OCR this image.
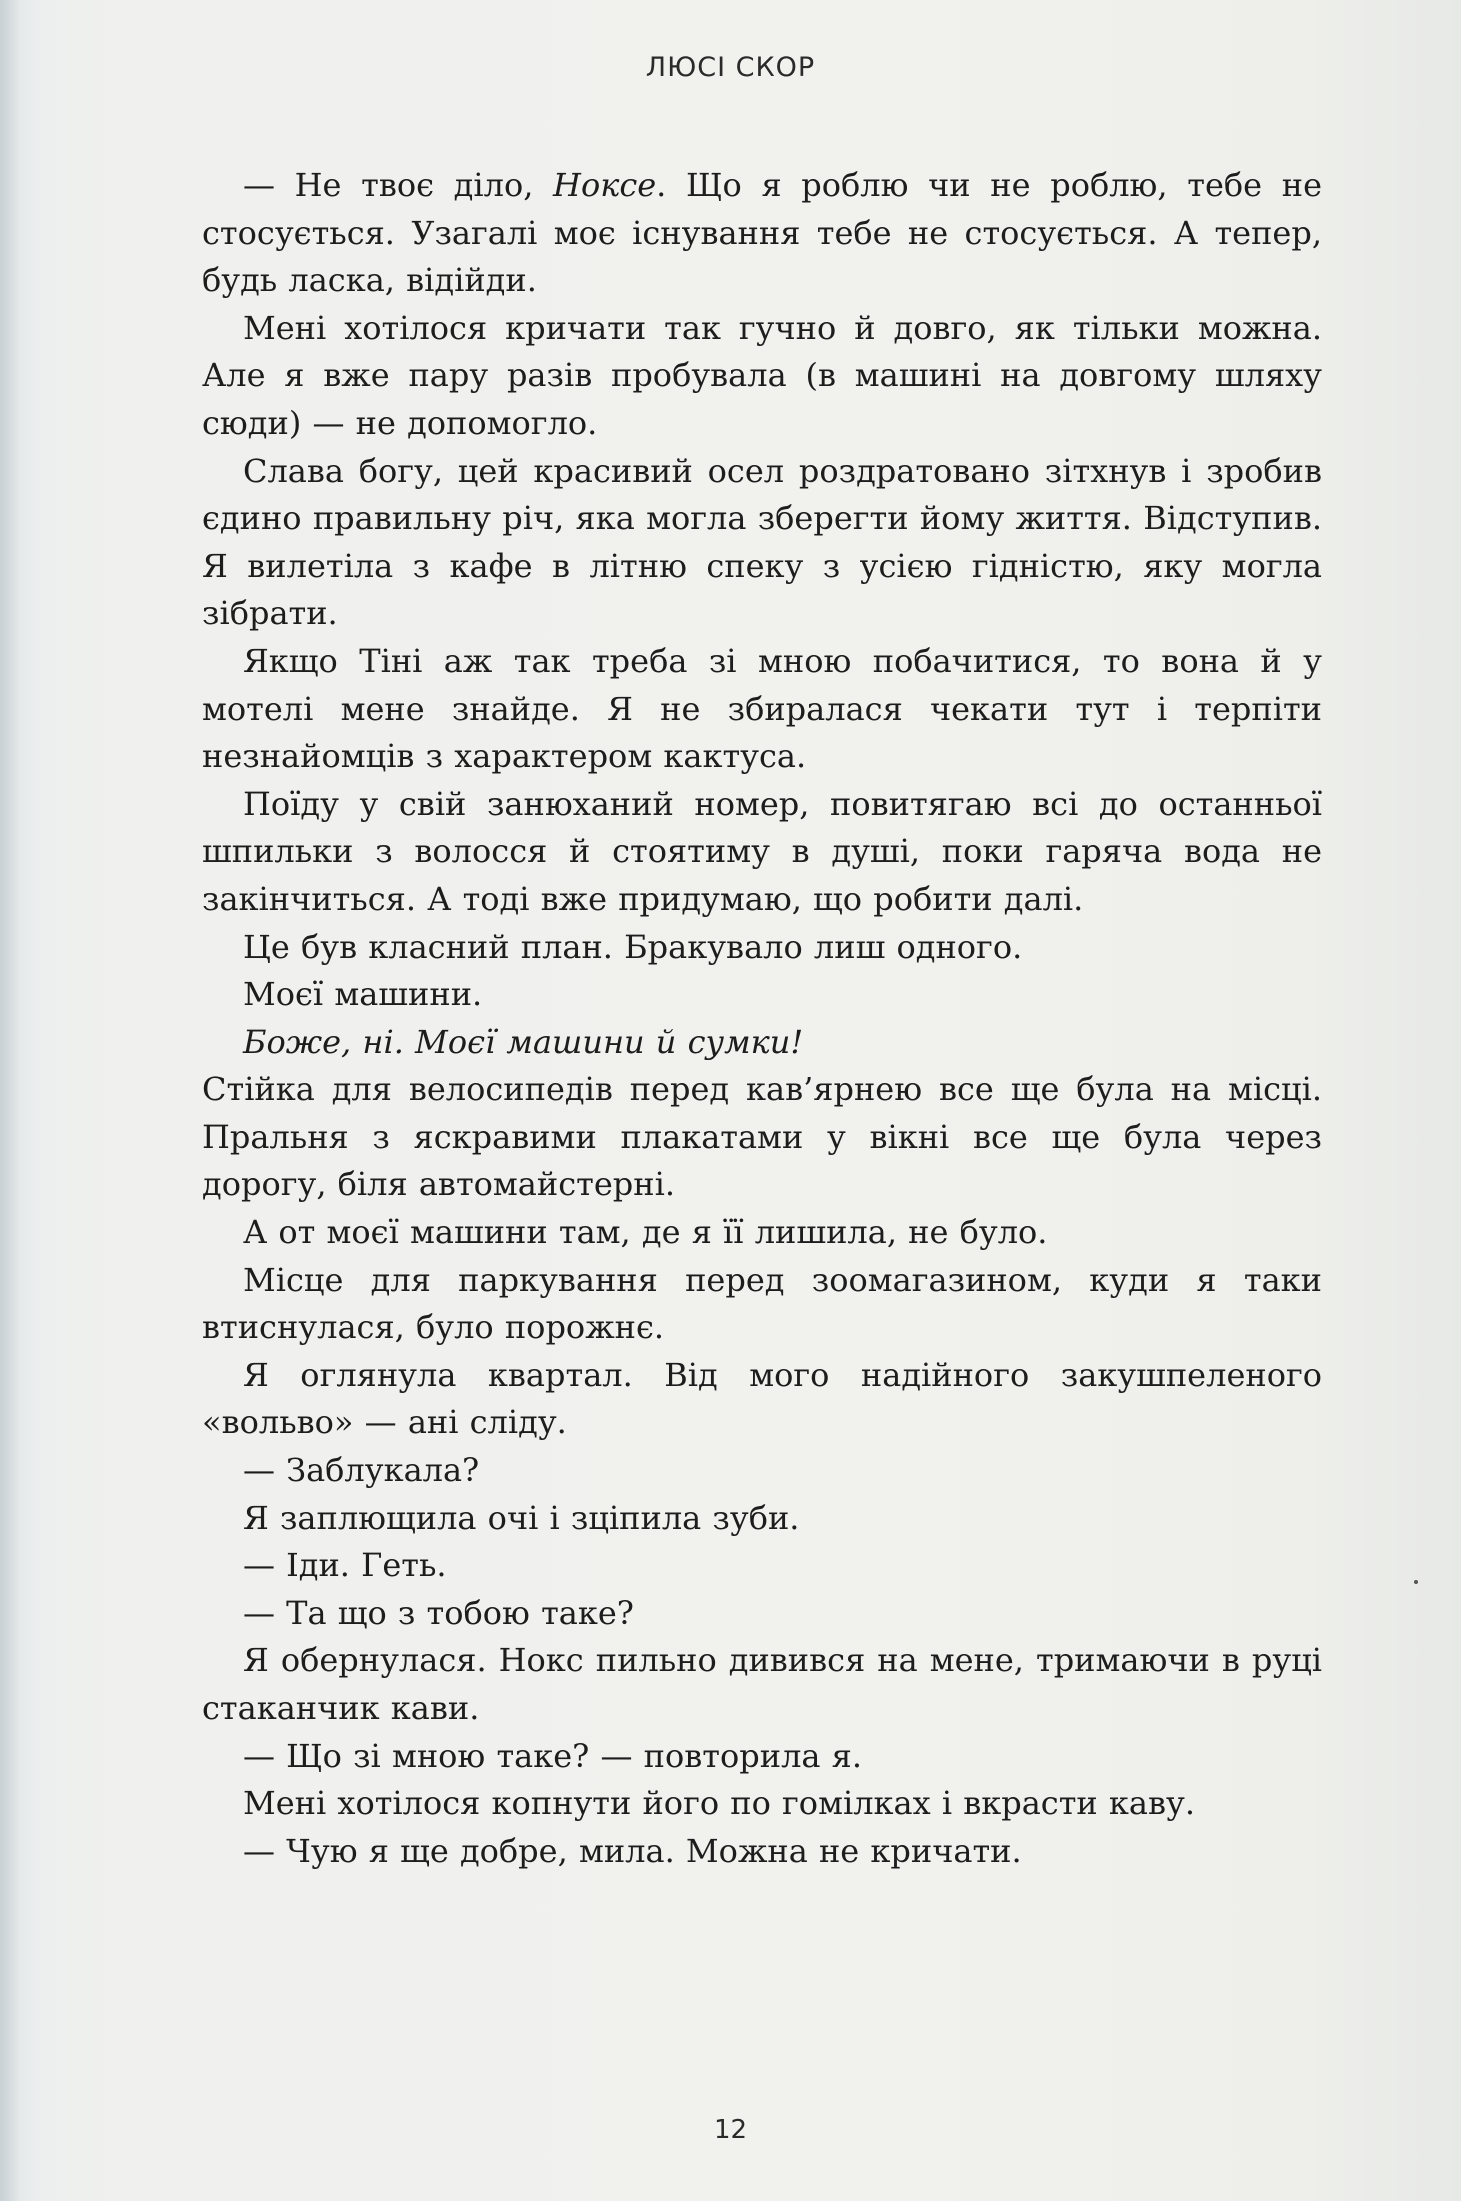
ЛЮСІ СКОР

— Не твоє діло, Ноксе. Що я роблю чи не роблю, тебе не стосується. Узагалі моє існування тебе не стосується. А тепер, будь ласка, відійди.

Мені хотілося кричати так гучно й довго, як тільки можна. Але я вже пару разів пробувала (в машині на довгому шляху сюди) — не допомогло.

Слава богу, цей красивий осел роздратовано зітхнув і зробив єдино правильну річ, яка могла зберегти йому життя. Відступив. Я вилетіла з кафе в літню спеку з усією гідністю, яку могла зібрати.

Якщо Тіні аж так треба зі мною побачитися, то вона й у мотелі мене знайде. Я не збиралася чекати тут і терпіти незнайомців з характером кактуса.

Поїду у свій занюханий номер, повитягаю всі до останньої шпильки з волосся й стоятиму в душі, поки гаряча вода не закінчиться. А тоді вже придумаю, що робити далі.

Це був класний план. Бракувало лиш одного.

Моєї машини.

Боже, ні. Моєї машини й сумки!

Стійка для велосипедів перед кав’ярнею все ще була на місці. Пральня з яскравими плакатами у вікні все ще була через дорогу, біля автомайстерні.

А от моєї машини там, де я її лишила, не було.

Місце для паркування перед зоомагазином, куди я таки втиснулася, було порожнє.

Я оглянула квартал. Від мого надійного закушпеленого «вольво» — ані сліду.

— Заблукала?

Я заплющила очі і зціпила зуби.

— Іди. Геть.

— Та що з тобою таке?

Я обернулася. Нокс пильно дивився на мене, тримаючи в руці стаканчик кави.

— Що зі мною таке? — повторила я.

Мені хотілося копнути його по гомілках і вкрасти каву.

— Чую я ще добре, мила. Можна не кричати.

12
